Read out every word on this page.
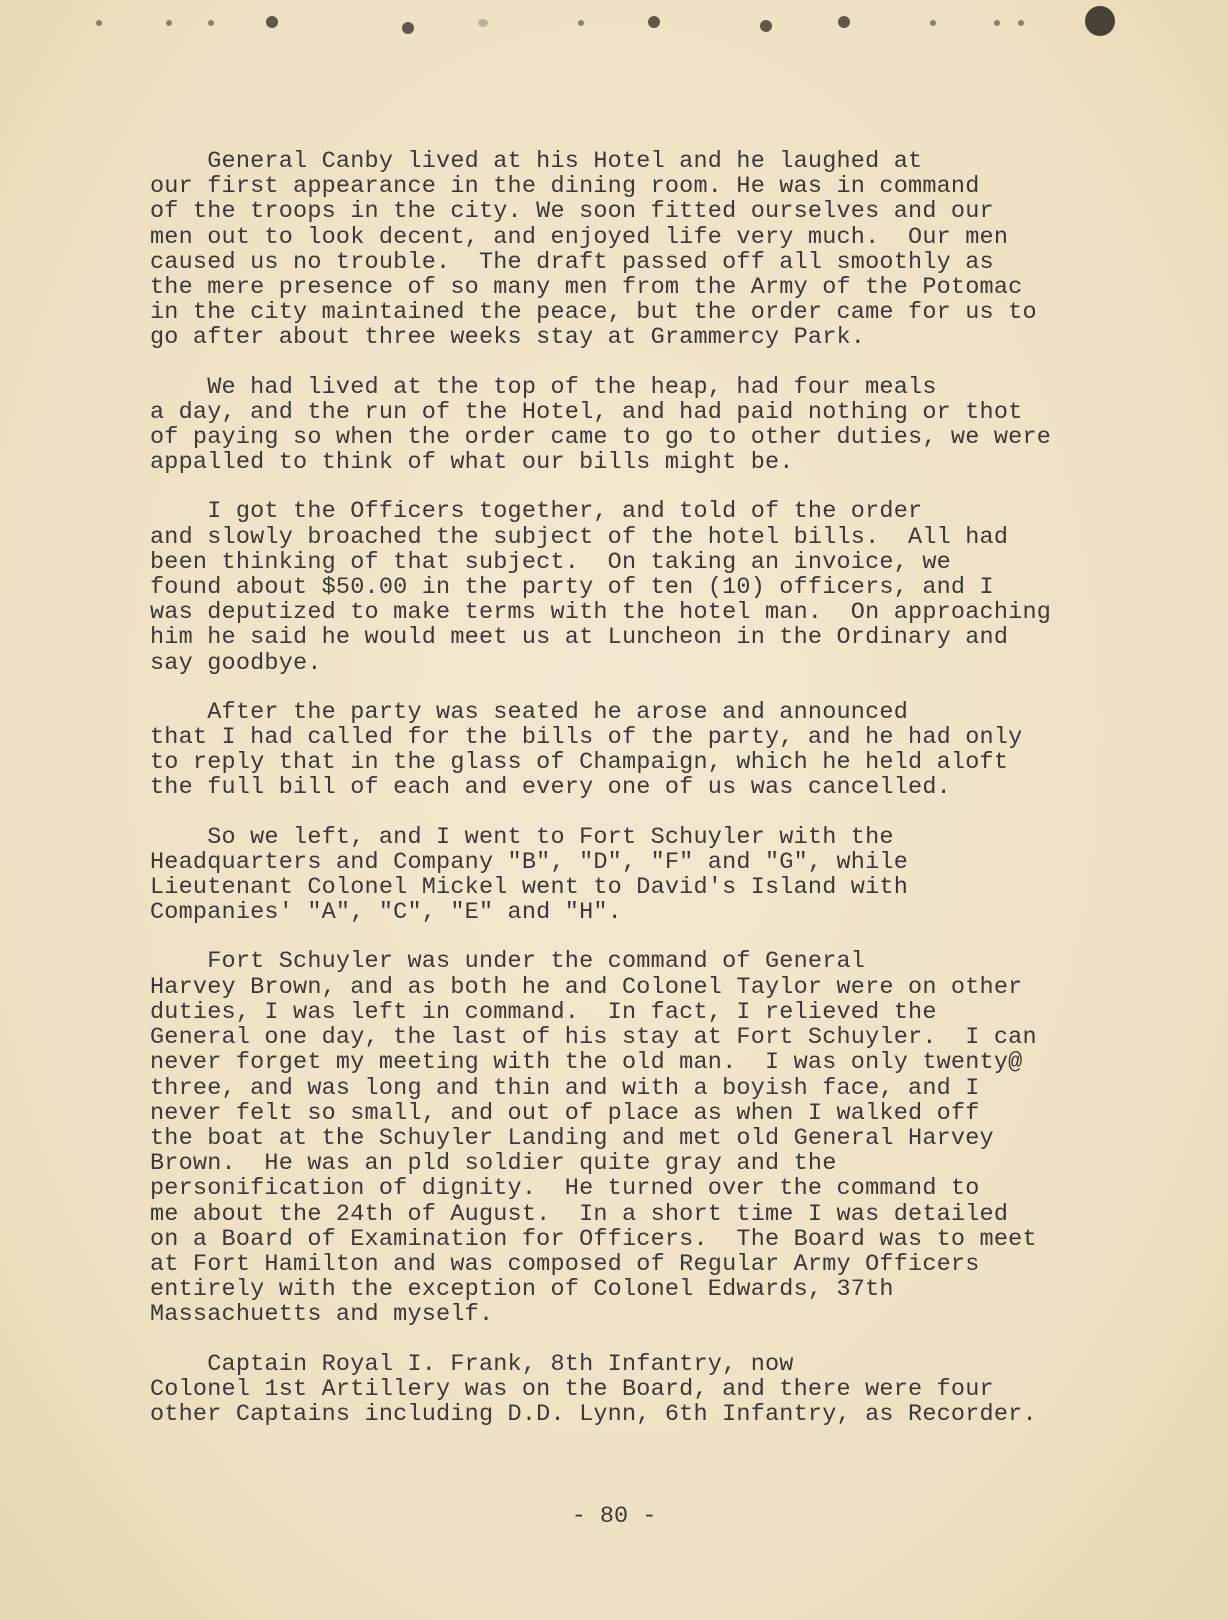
General Canby lived at his Hotel and he laughed at
our first appearance in the dining room. He was in command
of the troops in the city. We soon fitted ourselves and our
men out to look decent, and enjoyed life very much.  Our men
caused us no trouble.  The draft passed off all smoothly as
the mere presence of so many men from the Army of the Potomac
in the city maintained the peace, but the order came for us to
go after about three weeks stay at Grammercy Park.
We had lived at the top of the heap, had four meals
a day, and the run of the Hotel, and had paid nothing or thot
of paying so when the order came to go to other duties, we were
appalled to think of what our bills might be.
I got the Officers together, and told of the order
and slowly broached the subject of the hotel bills.  All had
been thinking of that subject.  On taking an invoice, we
found about $50.00 in the party of ten (10) officers, and I
was deputized to make terms with the hotel man.  On approaching
him he said he would meet us at Luncheon in the Ordinary and
say goodbye.
After the party was seated he arose and announced
that I had called for the bills of the party, and he had only
to reply that in the glass of Champaign, which he held aloft
the full bill of each and every one of us was cancelled.
So we left, and I went to Fort Schuyler with the
Headquarters and Company "B", "D", "F" and "G", while
Lieutenant Colonel Mickel went to David's Island with
Companies' "A", "C", "E" and "H".
Fort Schuyler was under the command of General
Harvey Brown, and as both he and Colonel Taylor were on other
duties, I was left in command.  In fact, I relieved the
General one day, the last of his stay at Fort Schuyler.  I can
never forget my meeting with the old man.  I was only twenty@
three, and was long and thin and with a boyish face, and I
never felt so small, and out of place as when I walked off
the boat at the Schuyler Landing and met old General Harvey
Brown.  He was an pld soldier quite gray and the
personification of dignity.  He turned over the command to
me about the 24th of August.  In a short time I was detailed
on a Board of Examination for Officers.  The Board was to meet
at Fort Hamilton and was composed of Regular Army Officers
entirely with the exception of Colonel Edwards, 37th
Massachuetts and myself.
Captain Royal I. Frank, 8th Infantry, now
Colonel 1st Artillery was on the Board, and there were four
other Captains including D.D. Lynn, 6th Infantry, as Recorder.
- 80 -
